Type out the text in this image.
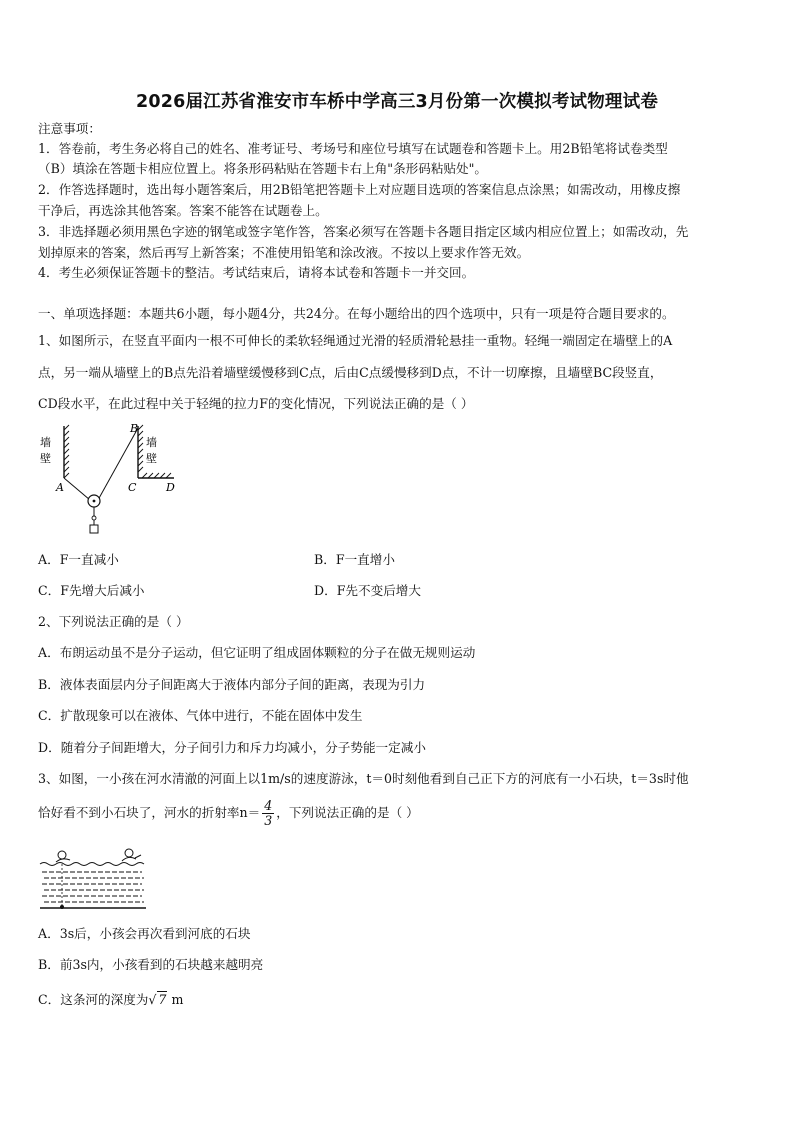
2026届江苏省淮安市车桥中学高三3月份第一次模拟考试物理试卷
注意事项：
1．答卷前，考生务必将自己的姓名、准考证号、考场号和座位号填写在试题卷和答题卡上。用2B铅笔将试卷类型
（B）填涂在答题卡相应位置上。将条形码粘贴在答题卡右上角"条形码粘贴处"。
2．作答选择题时，选出每小题答案后，用2B铅笔把答题卡上对应题目选项的答案信息点涂黑；如需改动，用橡皮擦
干净后，再选涂其他答案。答案不能答在试题卷上。
3．非选择题必须用黑色字迹的钢笔或签字笔作答，答案必须写在答题卡各题目指定区域内相应位置上；如需改动，先
划掉原来的答案，然后再写上新答案；不准使用铅笔和涂改液。不按以上要求作答无效。
4．考生必须保证答题卡的整洁。考试结束后，请将本试卷和答题卡一并交回。
一、单项选择题：本题共6小题，每小题4分，共24分。在每小题给出的四个选项中，只有一项是符合题目要求的。
1、如图所示，在竖直平面内一根不可伸长的柔软轻绳通过光滑的轻质滑轮悬挂一重物。轻绳一端固定在墙壁上的A
点，另一端从墙壁上的B点先沿着墙壁缓慢移到C点，后由C点缓慢移到D点，不计一切摩擦，且墙壁BC段竖直，
CD段水平，在此过程中关于轻绳的拉力F的变化情况，下列说法正确的是（ ）
墙
壁
墙
壁
A
B
C	D
A．F一直减小	B．F一直增小
C．F先增大后减小	D．F先不变后增大
2、下列说法正确的是（ ）
A．布朗运动虽不是分子运动，但它证明了组成固体颗粒的分子在做无规则运动
B．液体表面层内分子间距离大于液体内部分子间的距离，表现为引力
C．扩散现象可以在液体、气体中进行，不能在固体中发生
D．随着分子间距增大，分子间引力和斥力均减小，分子势能一定减小
3、如图，一小孩在河水清澈的河面上以1m/s的速度游泳，t＝0时刻他看到自己正下方的河底有一小石块，t＝3s时他
恰好看不到小石块了，河水的折射率$n= \frac{4}{3}$ ，下列说法正确的是（ ）
A．3s后，小孩会再次看到河底的石块
B．前3s内，小孩看到的石块越来越明亮
C．这条河的深度为√ 7 m
